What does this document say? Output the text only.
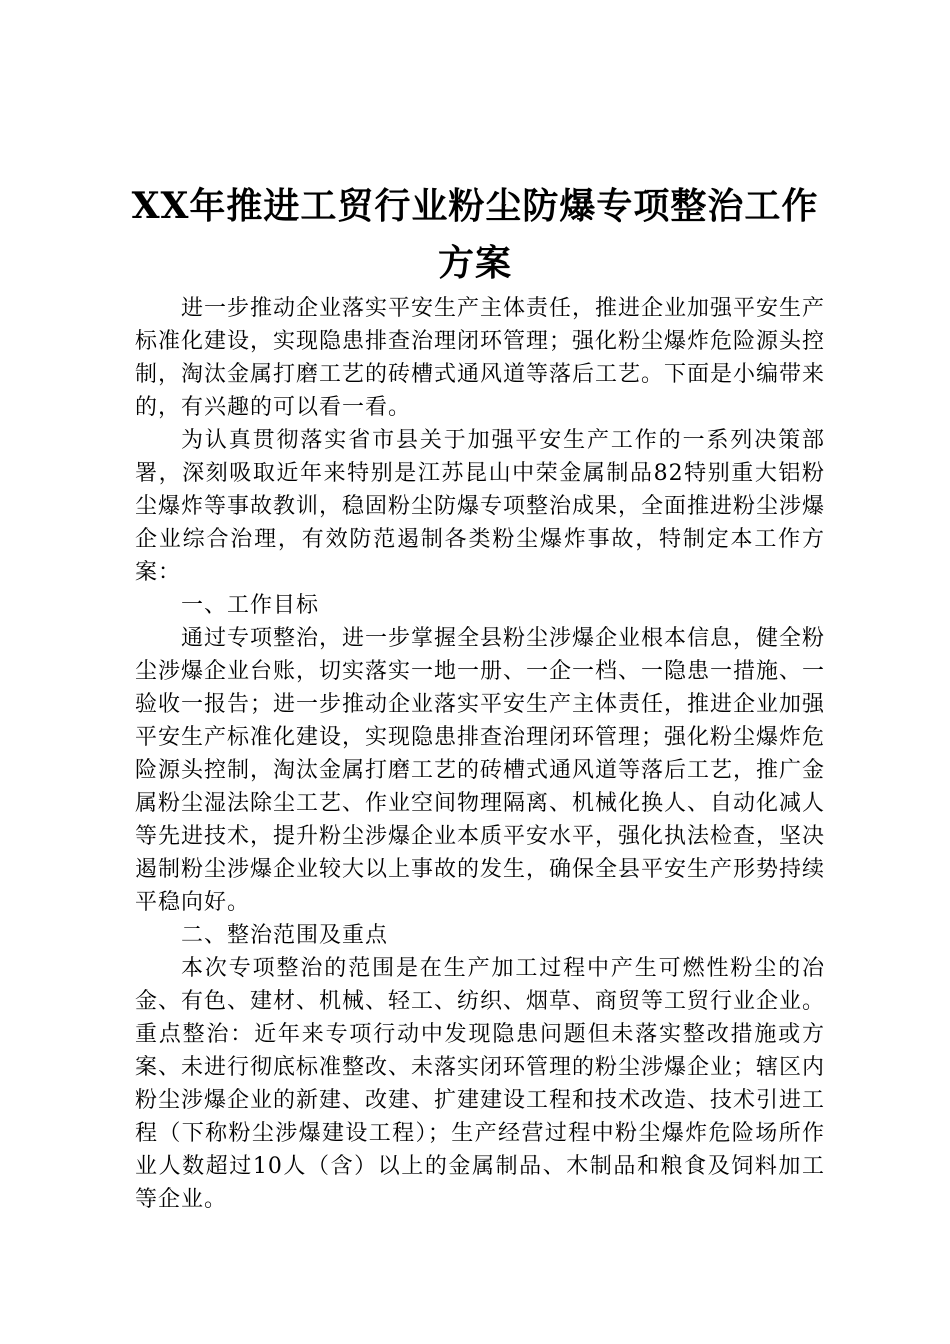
XX年推进工贸行业粉尘防爆专项整治工作方案

进一步推动企业落实平安生产主体责任，推进企业加强平安生产标准化建设，实现隐患排查治理闭环管理；强化粉尘爆炸危险源头控制，淘汰金属打磨工艺的砖槽式通风道等落后工艺。下面是小编带来的，有兴趣的可以看一看。

为认真贯彻落实省市县关于加强平安生产工作的一系列决策部署，深刻吸取近年来特别是江苏昆山中荣金属制品82特别重大铝粉尘爆炸等事故教训，稳固粉尘防爆专项整治成果，全面推进粉尘涉爆企业综合治理，有效防范遏制各类粉尘爆炸事故，特制定本工作方案：

一、工作目标

通过专项整治，进一步掌握全县粉尘涉爆企业根本信息，健全粉尘涉爆企业台账，切实落实一地一册、一企一档、一隐患一措施、一验收一报告；进一步推动企业落实平安生产主体责任，推进企业加强平安生产标准化建设，实现隐患排查治理闭环管理；强化粉尘爆炸危险源头控制，淘汰金属打磨工艺的砖槽式通风道等落后工艺，推广金属粉尘湿法除尘工艺、作业空间物理隔离、机械化换人、自动化减人等先进技术，提升粉尘涉爆企业本质平安水平，强化执法检查，坚决遏制粉尘涉爆企业较大以上事故的发生，确保全县平安生产形势持续平稳向好。

二、整治范围及重点

本次专项整治的范围是在生产加工过程中产生可燃性粉尘的冶金、有色、建材、机械、轻工、纺织、烟草、商贸等工贸行业企业。重点整治：近年来专项行动中发现隐患问题但未落实整改措施或方案、未进行彻底标准整改、未落实闭环管理的粉尘涉爆企业；辖区内粉尘涉爆企业的新建、改建、扩建建设工程和技术改造、技术引进工程（下称粉尘涉爆建设工程）；生产经营过程中粉尘爆炸危险场所作业人数超过10人（含）以上的金属制品、木制品和粮食及饲料加工等企业。
